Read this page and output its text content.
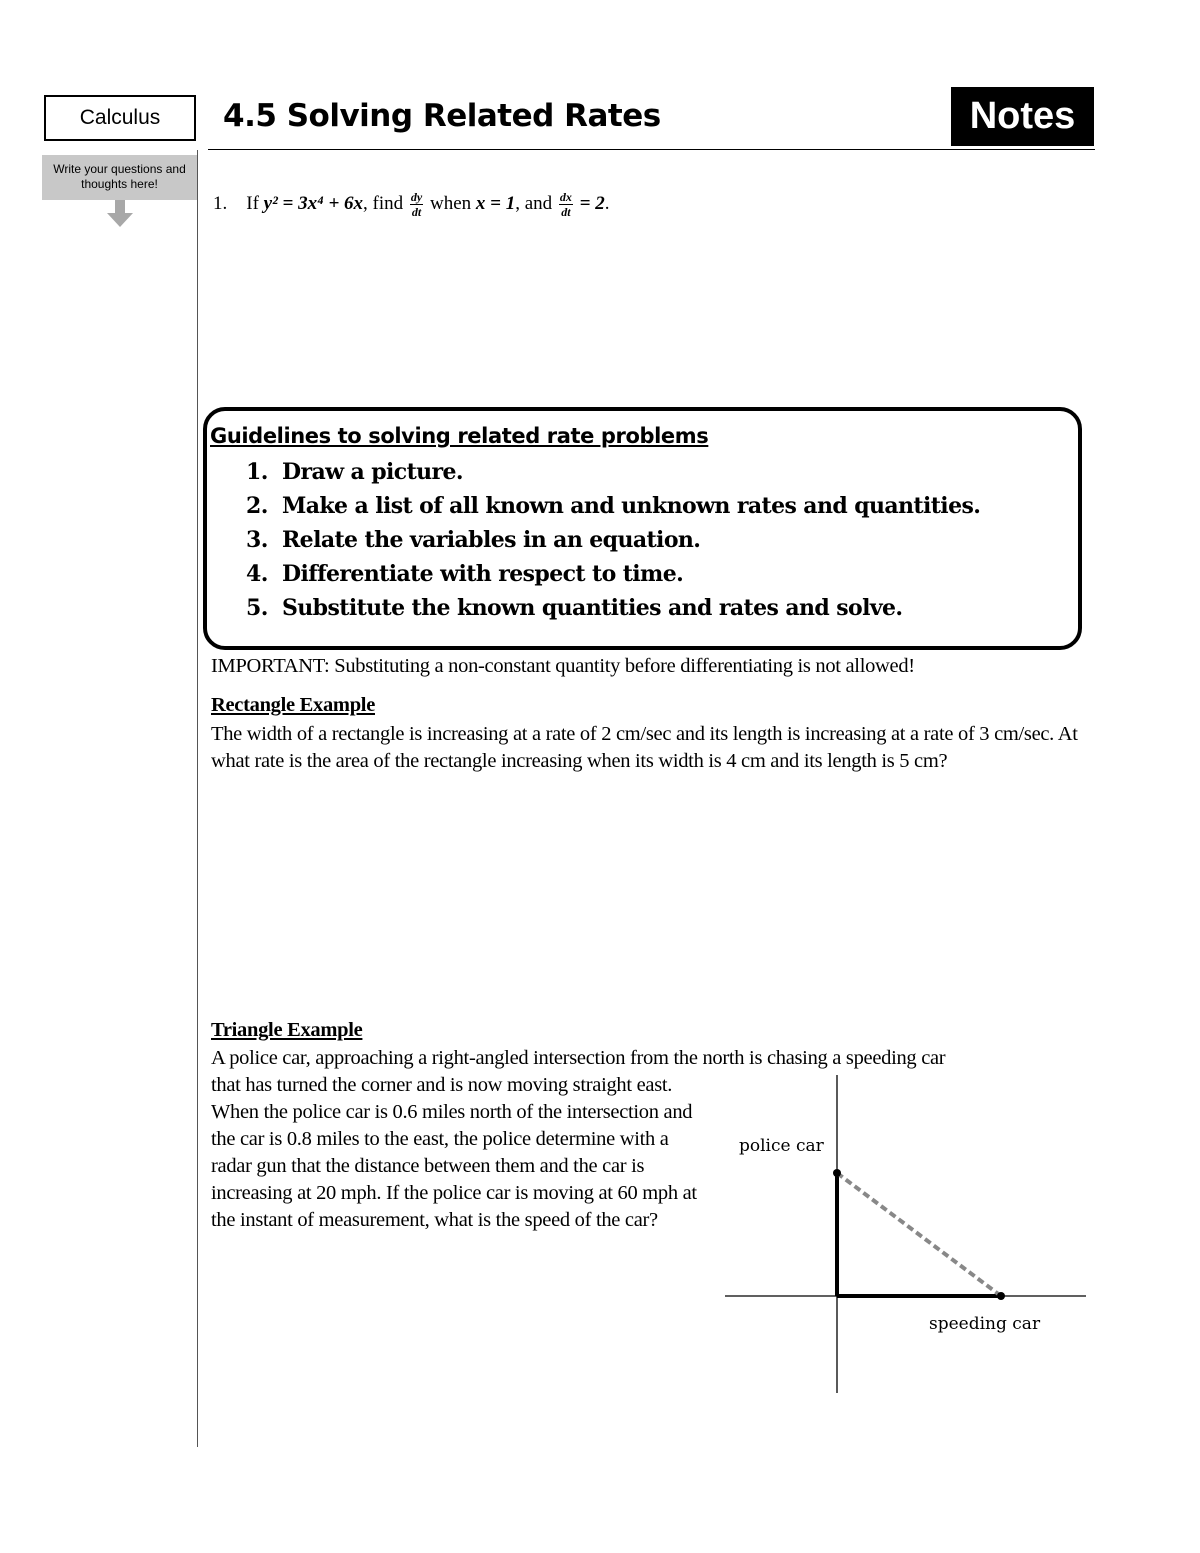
Calculus
Write your questions and thoughts here!
4.5 Solving Related Rates	Notes
1. If y² = 3x⁴ + 6x, find $\frac{dy}{dt}$ when x = 1, and $\frac{dx}{dt} = 2$.
Guidelines to solving related rate problems
1. Draw a picture.
2. Make a list of all known and unknown rates and quantities.
3. Relate the variables in an equation.
4. Differentiate with respect to time.
5. Substitute the known quantities and rates and solve.
IMPORTANT: Substituting a non-constant quantity before differentiating is not allowed!
Rectangle Example
The width of a rectangle is increasing at a rate of 2 cm/sec and its length is increasing at a rate of 3 cm/sec. At what rate is the area of the rectangle increasing when its width is 4 cm and its length is 5 cm?
Triangle Example
A police car, approaching a right-angled intersection from the north is chasing a speeding car
that has turned the corner and is now moving straight east. When the police car is 0.6 miles north of the intersection and the car is 0.8 miles to the east, the police determine with a radar gun that the distance between them and the car is increasing at 20 mph. If the police car is moving at 60 mph at the instant of measurement, what is the speed of the car?
police car
speeding car
